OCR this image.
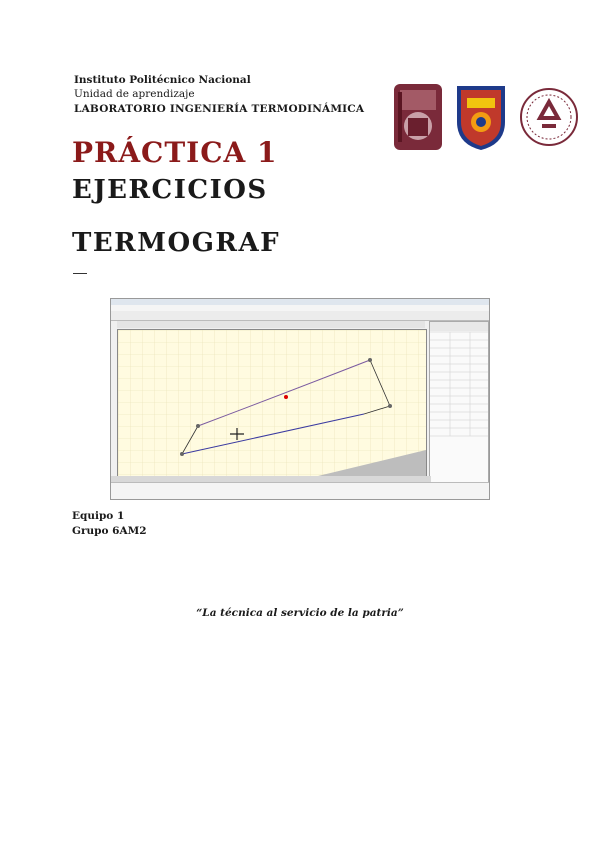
Instituto Politécnico Nacional
Unidad de aprendizaje
LABORATORIO INGENIERÍA TERMODINÁMICA
PRÁCTICA 1
EJERCICIOS
TERMOGRAF
Equipo 1
Grupo 6AM2
“La técnica al servicio de la patria”
